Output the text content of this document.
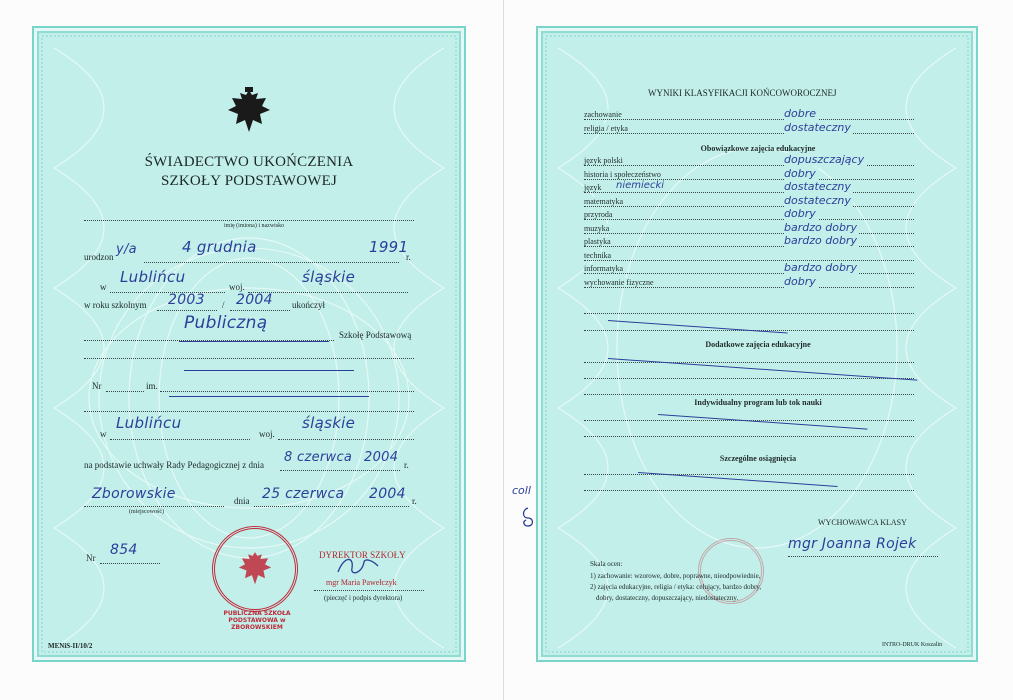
ŚWIADECTWO UKOŃCZENIA
SZKOŁY PODSTAWOWEJ
imię (imiona) i nazwisko
urodzon y/a	4 grudnia	1991
r.
w
Lublińcu
woj.
śląskie
w roku szkolnym 2003 / 2004 ukończył
Publiczną
Szkołę Podstawową
Nr	im.
w
Lublińcu
woj.
śląskie
na podstawie uchwały Rady Pedagogicznej z dnia 8 czerwca 2004 r.
Zborowskie
(miejscowość)
dnia 25 czerwca 2004 r.
Nr 854
PUBLICZNA SZKOŁA PODSTAWOWA w ZBOROWSKIEM
DYREKTOR SZKOŁY
mgr Maria Pawełczyk
(pieczęć i podpis dyrektora)
MENiS-II/10/2
coll
WYNIKI KLASYFIKACJI KOŃCOWOROCZNEJ
zachowanie	dobre
religia / etyka	dostateczny
Obowiązkowe zajęcia edukacyjne
język polski	dopuszczający
historia i społeczeństwo	dobry
język niemiecki	dostateczny
matematyka	dostateczny
przyroda	dobry
muzyka	bardzo dobry
plastyka	bardzo dobry
technika
informatyka	bardzo dobry
wychowanie fizyczne	dobry
Dodatkowe zajęcia edukacyjne
Indywidualny program lub tok nauki
Szczególne osiągnięcia
WYCHOWAWCA KLASY
mgr Joanna Rojek
Skala ocen:
1) zachowanie: wzorowe, dobre, poprawne, nieodpowiednie,
2) zajęcia edukacyjne, religia / etyka: celujący, bardzo dobry,
dobry, dostateczny, dopuszczający, niedostateczny.
INTRO-DRUK Koszalin
